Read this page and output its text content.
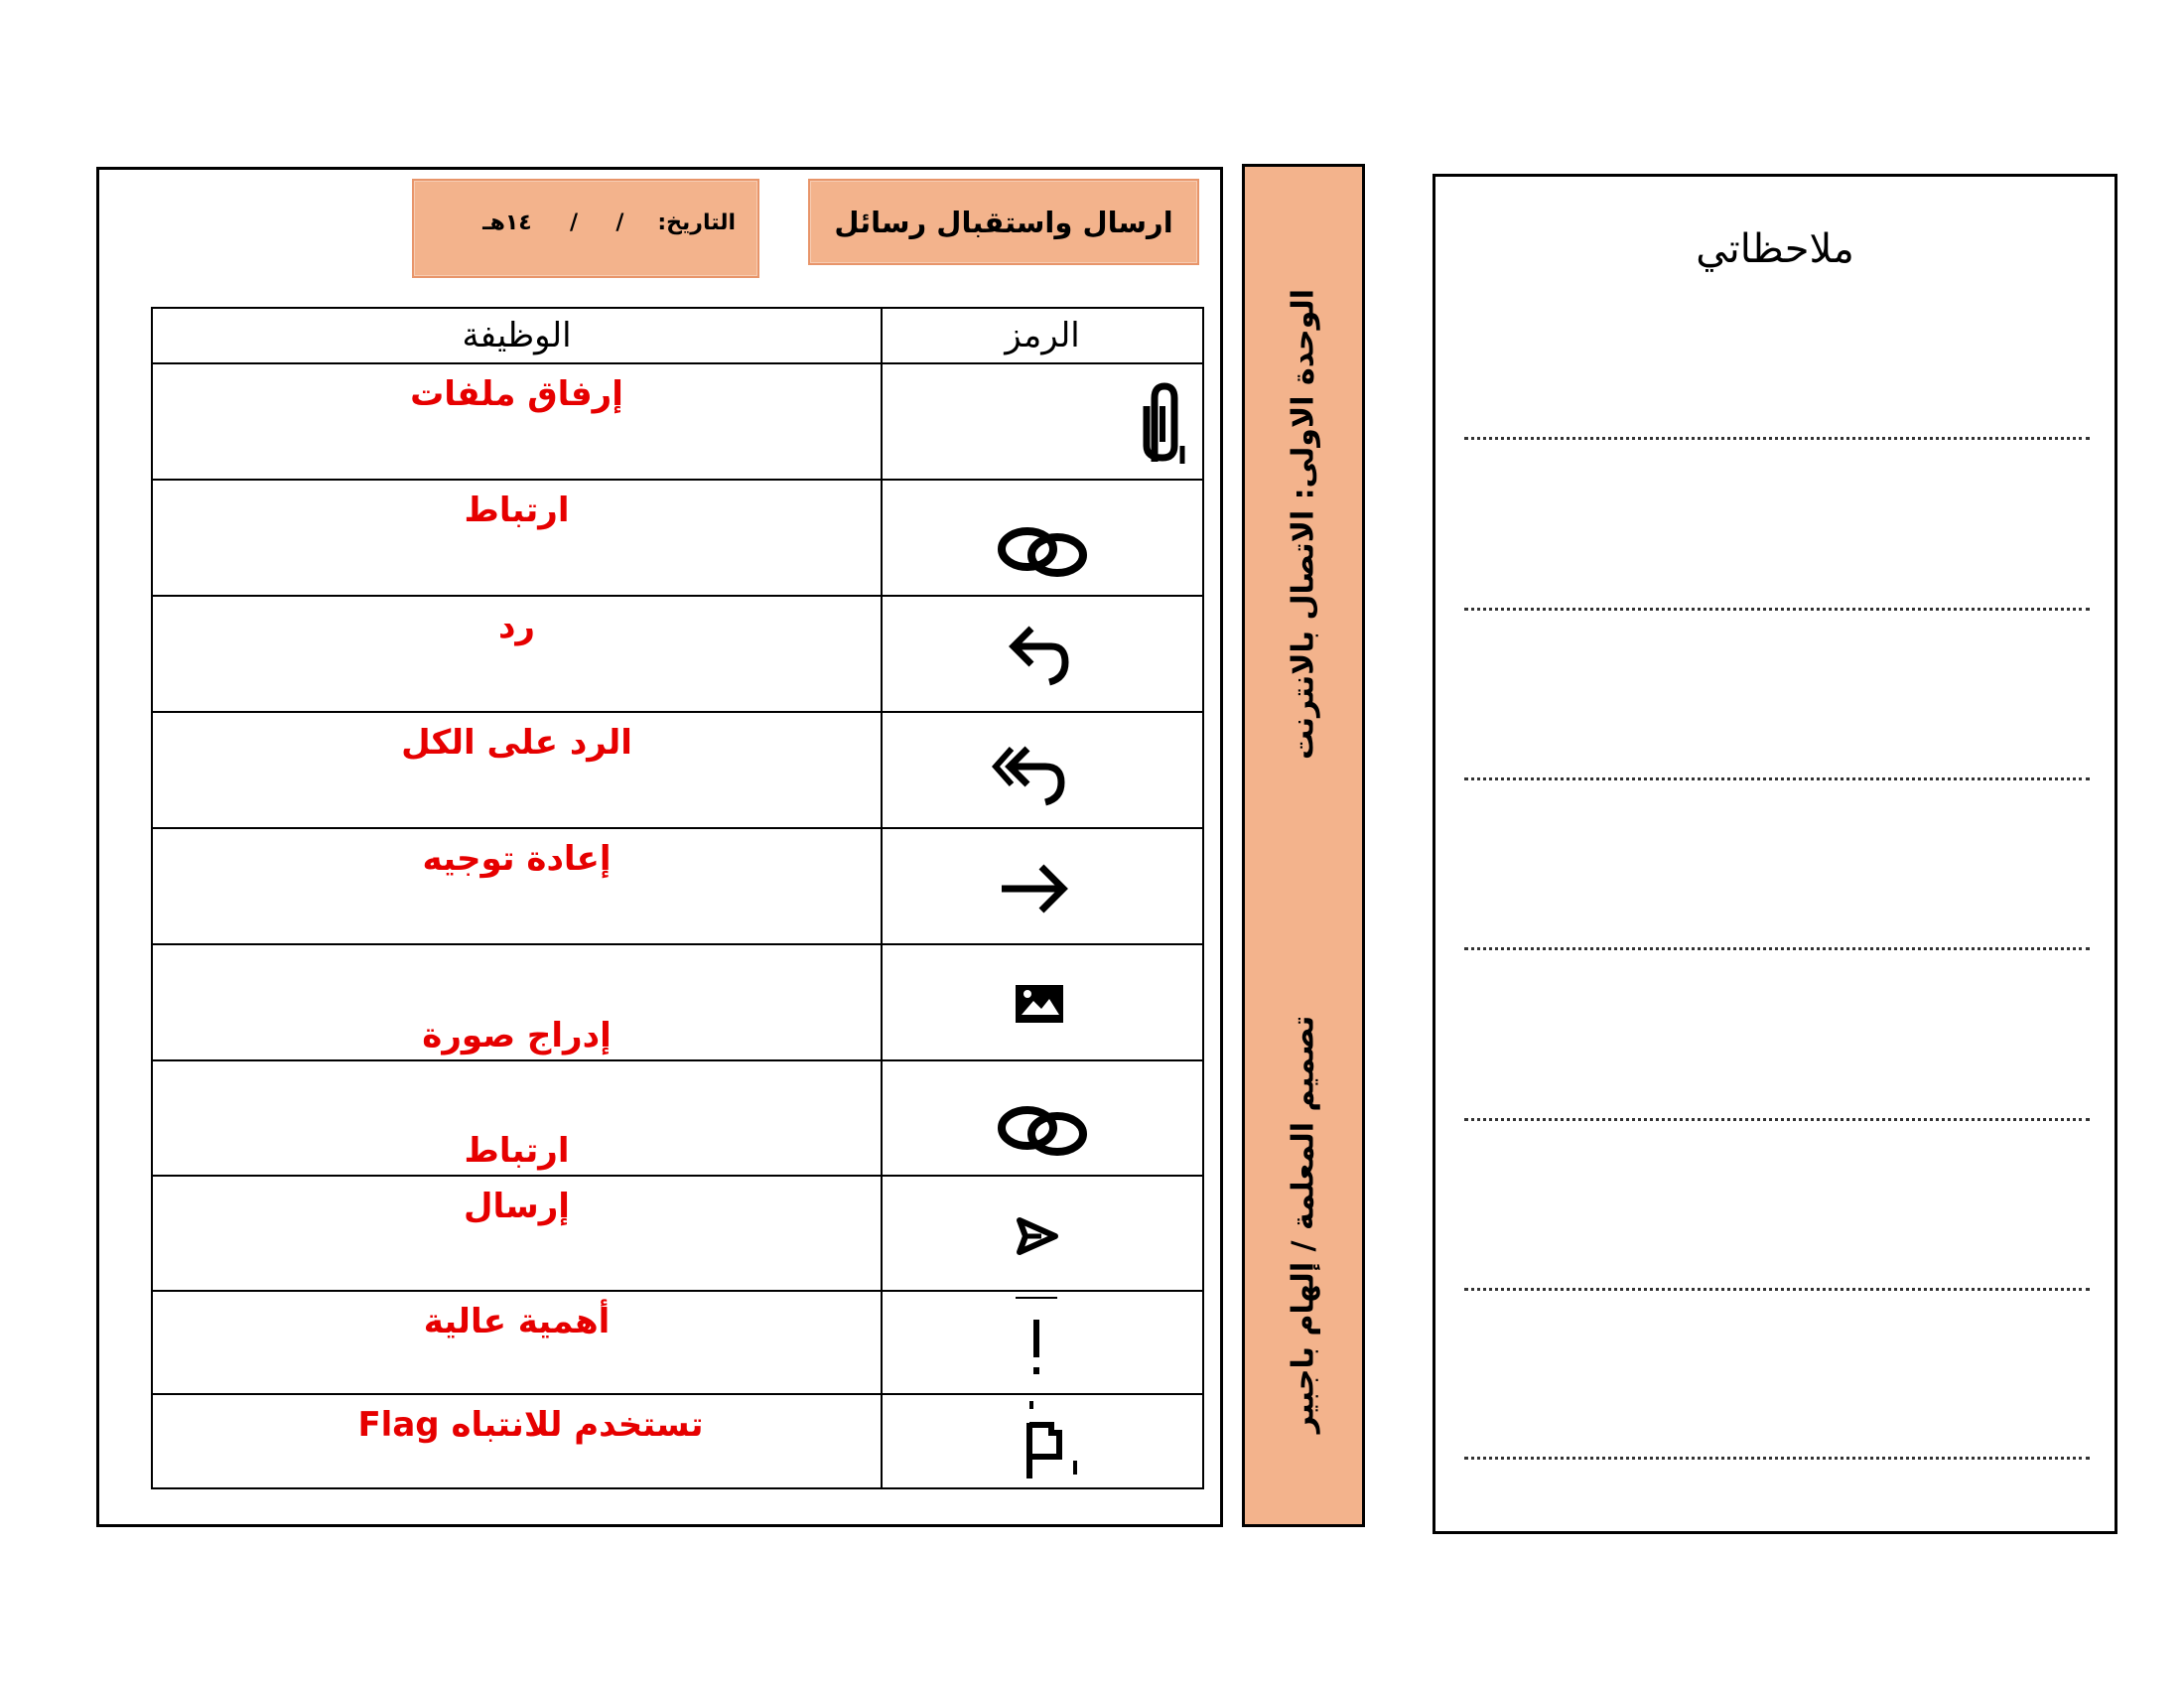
ارسال واستقبال رسائل
التاريخ:
/     /     ١٤هـ
الرمز	الوظيفة

إرفاق ملفات

ارتباط

رد

الرد على الكل

إعادة توجيه

إدراج صورة

ارتباط

إرسال

أهمية عالية

تستخدم للانتباه Flag
الوحدة الاولى: الاتصال بالانترنت
تصميم المعلمة / إلهام باجبير
ملاحظاتي
